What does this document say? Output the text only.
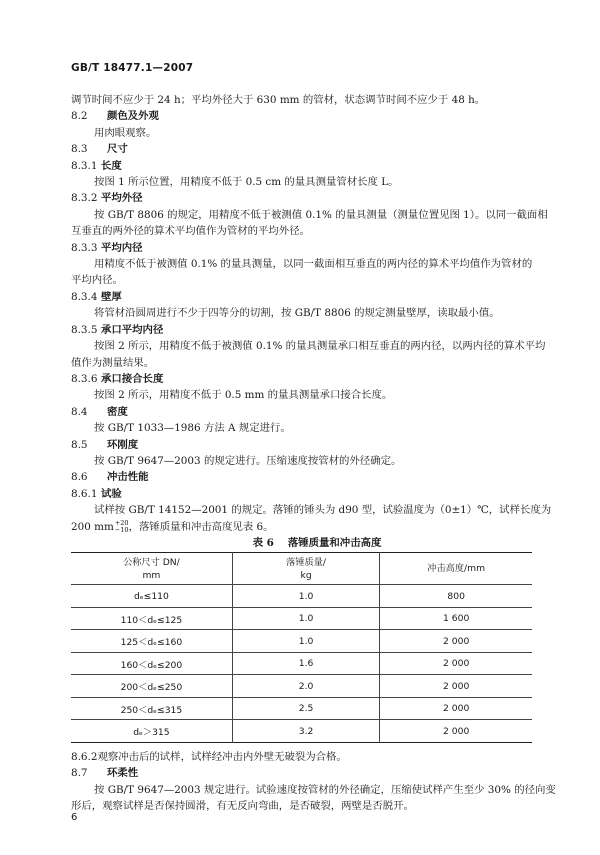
GB/T 18477.1—2007
调节时间不应少于 24 h；平均外径大于 630 mm 的管材，状态调节时间不应少于 48 h。
8.2 颜色及外观
用肉眼观察。
8.3 尺寸
8.3.1 长度
按图 1 所示位置，用精度不低于 0.5 cm 的量具测量管材长度 L。
8.3.2 平均外径
按 GB/T 8806 的规定，用精度不低于被测值 0.1% 的量具测量（测量位置见图 1）。以同一截面相
互垂直的两外径的算术平均值作为管材的平均外径。
8.3.3 平均内径
用精度不低于被测值 0.1% 的量具测量，以同一截面相互垂直的两内径的算术平均值作为管材的
平均内径。
8.3.4 壁厚
将管材沿圆周进行不少于四等分的切割，按 GB/T 8806 的规定测量壁厚，读取最小值。
8.3.5 承口平均内径
按图 2 所示，用精度不低于被测值 0.1% 的量具测量承口相互垂直的两内径，以两内径的算术平均
值作为测量结果。
8.3.6 承口接合长度
按图 2 所示，用精度不低于 0.5 mm 的量具测量承口接合长度。
8.4 密度
按 GB/T 1033—1986 方法 A 规定进行。
8.5 环刚度
按 GB/T 9647—2003 的规定进行。压缩速度按管材的外径确定。
8.6 冲击性能
8.6.1 试验
试样按 GB/T 14152—2001 的规定。落锤的锤头为 d90 型，试验温度为（0±1）℃，试样长度为
200 mm+20
−10，落锤质量和冲击高度见表 6。
表 6 落锤质量和冲击高度
公称尺寸 DN/
mm	落锤质量/
kg	冲击高度/mm
dₑ≤110	1.0	800
110＜dₑ≤125	1.0	1 600
125＜dₑ≤160	1.0	2 000
160＜dₑ≤200	1.6	2 000
200＜dₑ≤250	2.0	2 000
250＜dₑ≤315	2.5	2 000
dₑ＞315	3.2	2 000
8.6.2观察冲击后的试样，试样经冲击内外壁无破裂为合格。
8.7 环柔性
按 GB/T 9647—2003 规定进行。试验速度按管材的外径确定，压缩使试样产生至少 30% 的径向变
形后，观察试样是否保持圆滑，有无反向弯曲，是否破裂，两壁是否脱开。
6
